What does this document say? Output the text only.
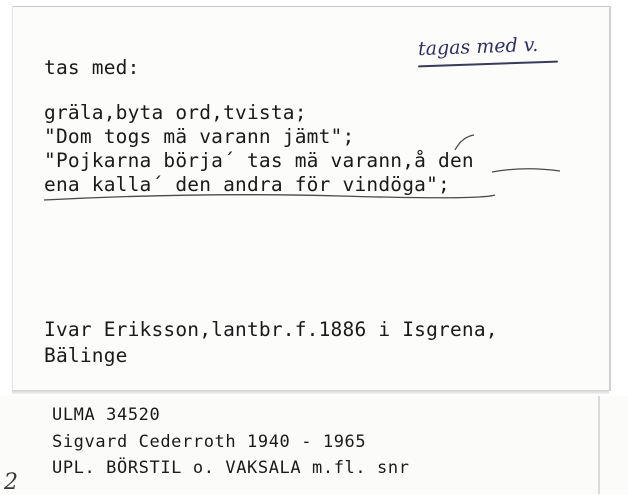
tagas med v.
tas med:
gräla,byta ord,tvista;
"Dom togs mä varann jämt";
"Pojkarna börja´ tas mä varann,å den
ena kalla´ den andra för vindöga";
Ivar Eriksson,lantbr.f.1886 i Isgrena,
Bälinge
ULMA 34520
Sigvard Cederroth 1940 - 1965
UPL. BÖRSTIL o. VAKSALA m.fl. snr
2
